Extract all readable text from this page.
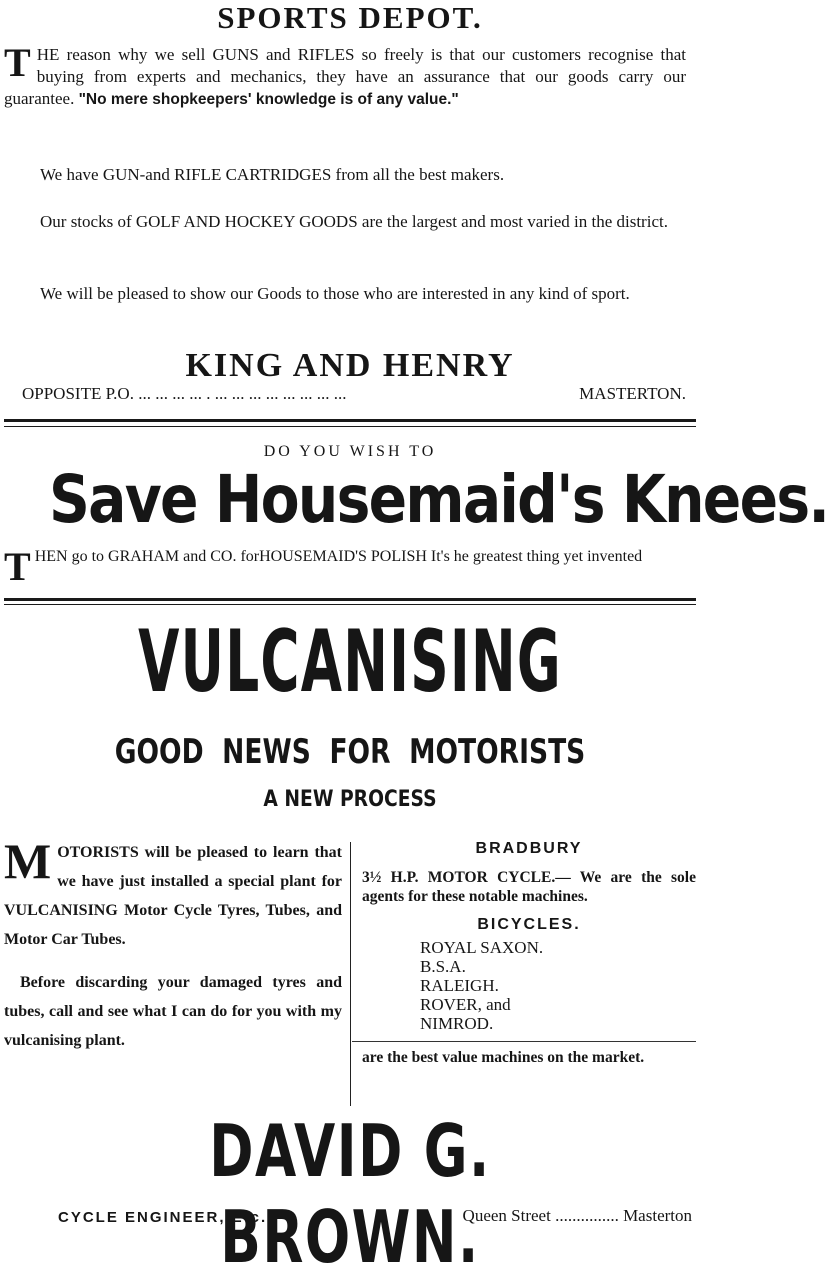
SPORTS DEPOT.
THE reason why we sell GUNS and RIFLES so freely is that our customers recognise that buying from experts and mechanics, they have an assurance that our goods carry our guarantee. "No mere shopkeepers' knowledge is of any value."
We have GUN-and RIFLE CARTRIDGES from all the best makers.
Our stocks of GOLF AND HOCKEY GOODS are the largest and most varied in the district.
We will be pleased to show our Goods to those who are interested in any kind of sport.
KING AND HENRY
OPPOSITE P.O. ... ... ... ... . ... ... ... ... ... ... ... ...	MASTERTON.
DO YOU WISH TO
Save Housemaid's Knees.
THEN go to GRAHAM and CO. forHOUSEMAID'S POLISH It's he greatest thing yet invented
VULCANISING
GOOD NEWS FOR MOTORISTS
A NEW PROCESS
MOTORISTS will be pleased to learn that we have just installed a special plant for VULCANISING Motor Cycle Tyres, Tubes, and Motor Car Tubes.
Before discarding your damaged tyres and tubes, call and see what I can do for you with my vulcanising plant.
BRADBURY
3½ H.P. MOTOR CYCLE.— We are the sole agents for these notable machines.
BICYCLES.
ROYAL SAXON.
B.S.A.
RALEIGH.
ROVER, and
NIMROD.
are the best value machines on the market.
DAVID G. BROWN.
CYCLE ENGINEER, Etc.	Queen Street ............... Masterton
